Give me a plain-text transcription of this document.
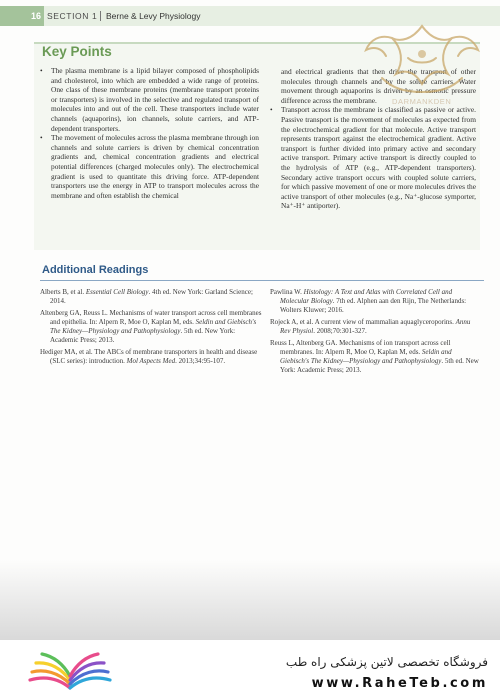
16 SECTION 1 Berne & Levy Physiology
Key Points
•	The plasma membrane is a lipid bilayer composed of phospholipids and cholesterol, into which are embedded a wide range of proteins. One class of these membrane proteins (membrane transport proteins or transporters) is involved in the selective and regulated transport of molecules into and out of the cell. These transporters include water channels (aquaporins), ion channels, solute carriers, and ATP-dependent transporters.
•	The movement of molecules across the plasma membrane through ion channels and solute carriers is driven by chemical concentration gradients and, chemical concentration gradients and electrical potential differences (charged molecules only). The electrochemical gradient is used to quantitate this driving force. ATP-dependent transporters use the energy in ATP to transport molecules across the membrane and often establish the chemical
and electrical gradients that then drive the transport of other molecules through channels and by the solute carriers. Water movement through aquaporins is driven by an osmotic pressure difference across the membrane.
•	Transport across the membrane is classified as passive or active. Passive transport is the movement of molecules as expected from the electrochemical gradient for that molecule. Active transport represents transport against the electrochemical gradient. Active transport is further divided into primary active and secondary active transport. Primary active transport is directly coupled to the hydrolysis of ATP (e.g., ATP-dependent transporters). Secondary active transport occurs with coupled solute carriers, for which passive movement of one or more molecules drives the active transport of other molecules (e.g., Na⁺-glucose symporter, Na⁺-H⁺ antiporter).
DARMANKDEN
Additional Readings
Alberts B, et al. Essential Cell Biology. 4th ed. New York: Garland Science; 2014.
Altenberg GA, Reuss L. Mechanisms of water transport across cell membranes and epithelia. In: Alpern R, Moe O, Kaplan M, eds. Seldin and Giebisch's The Kidney—Physiology and Pathophysiology. 5th ed. New York: Academic Press; 2013.
Hediger MA, et al. The ABCs of membrane transporters in health and disease (SLC series): introduction. Mol Aspects Med. 2013;34:95-107.
Pawlina W. Histology: A Text and Atlas with Correlated Cell and Molecular Biology. 7th ed. Alphen aan den Rijn, The Netherlands: Wolters Kluwer; 2016.
Rojeck A, et al. A current view of mammalian aquaglyceroporins. Annu Rev Physiol. 2008;70:301-327.
Reuss L, Altenberg GA. Mechanisms of ion transport across cell membranes. In: Alpern R, Moe O, Kaplan M, eds. Seldin and Giebisch's The Kidney—Physiology and Pathophysiology. 5th ed. New York: Academic Press; 2013.
فروشگاه تخصصی لاتین پزشکی راه طب
www.RaheTeb.com
